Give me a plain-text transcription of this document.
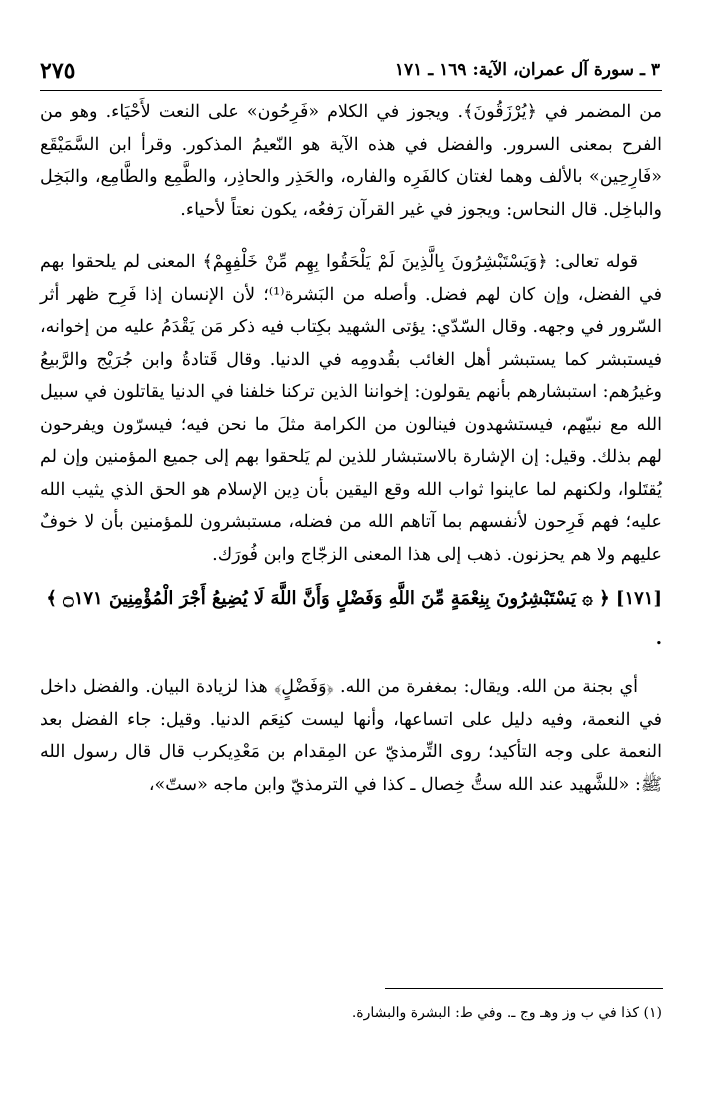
٢٧٥	٣ ـ سورة آل عمران، الآية: ١٦٩ ـ ١٧١

من المضمر في ﴿يُرْزَقُونَ﴾. ويجوز في الكلام «فَرِحُون» على النعت لأَحْيَاء. وهو من الفرح بمعنى السرور. والفضل في هذه الآية هو النّعيمُ المذكور. وقرأ ابن السَّمَيْقَع «فَارِحِين» بالألف وهما لغتان كالفَرِه والفاره، والحَذِر والحاذِر، والطَّمِع والطَّامِع، والبَخِل والباخِل. قال النحاس: ويجوز في غير القرآن رَفعُه، يكون نعتاً لأحياء.

قوله تعالى: ﴿وَيَسْتَبْشِرُونَ بِالَّذِينَ لَمْ يَلْحَقُوا بِهِم مِّنْ خَلْفِهِمْ﴾ المعنى لم يلحقوا بهم في الفضل، وإن كان لهم فضل. وأصله من البَشرة⁽¹⁾؛ لأن الإنسان إذا فَرِح ظهر أثر السّرور في وجهه. وقال السّدّي: يؤتى الشهيد بكِتاب فيه ذكر مَن يَقْدَمُ عليه من إخوانه، فيستبشر كما يستبشر أهل الغائب بقُدومِه في الدنيا. وقال قَتادةُ وابن جُرَيْج والرَّبيعُ وغيرُهم: استبشارهم بأنهم يقولون: إخواننا الذين تركنا خلفنا في الدنيا يقاتلون في سبيل الله مع نبيّهم، فيستشهدون فينالون من الكرامة مثلَ ما نحن فيه؛ فيسرّون ويفرحون لهم بذلك. وقيل: إن الإشارة بالاستبشار للذين لم يَلحقوا بهم إلى جميع المؤمنين وإن لم يُقتَلوا، ولكنهم لما عاينوا ثواب الله وقع اليقين بأن دِين الإسلام هو الحق الذي يثيب الله عليه؛ فهم فَرِحون لأنفسهم بما آتاهم الله من فضله، مستبشرون للمؤمنين بأن لا خوفٌ عليهم ولا هم يحزنون. ذهب إلى هذا المعنى الزجّاج وابن فُورَك.

[١٧١] ﴿ ۞ يَسْتَبْشِرُونَ بِنِعْمَةٍ مِّنَ اللَّهِ وَفَضْلٍ وَأَنَّ اللَّهَ لَا يُضِيعُ أَجْرَ الْمُؤْمِنِينَ ۝١٧١ ﴾ .

أي بجنة من الله. ويقال: بمغفرة من الله. ﴿وَفَضْلٍ﴾ هذا لزيادة البيان. والفضل داخل في النعمة، وفيه دليل على اتساعها، وأنها ليست كنِعَم الدنيا. وقيل: جاء الفضل بعد النعمة على وجه التأكيد؛ روى التِّرمذيّ عن المِقدام بن مَعْدِيكرب قال قال رسول الله ﷺ: «للشَّهيد عند الله ستُّ خِصال ـ كذا في الترمذيّ وابن ماجه «ستّ»،

(١) كذا في ب وز وهـ وج ـ. وفي ط: البشرة والبشارة.
